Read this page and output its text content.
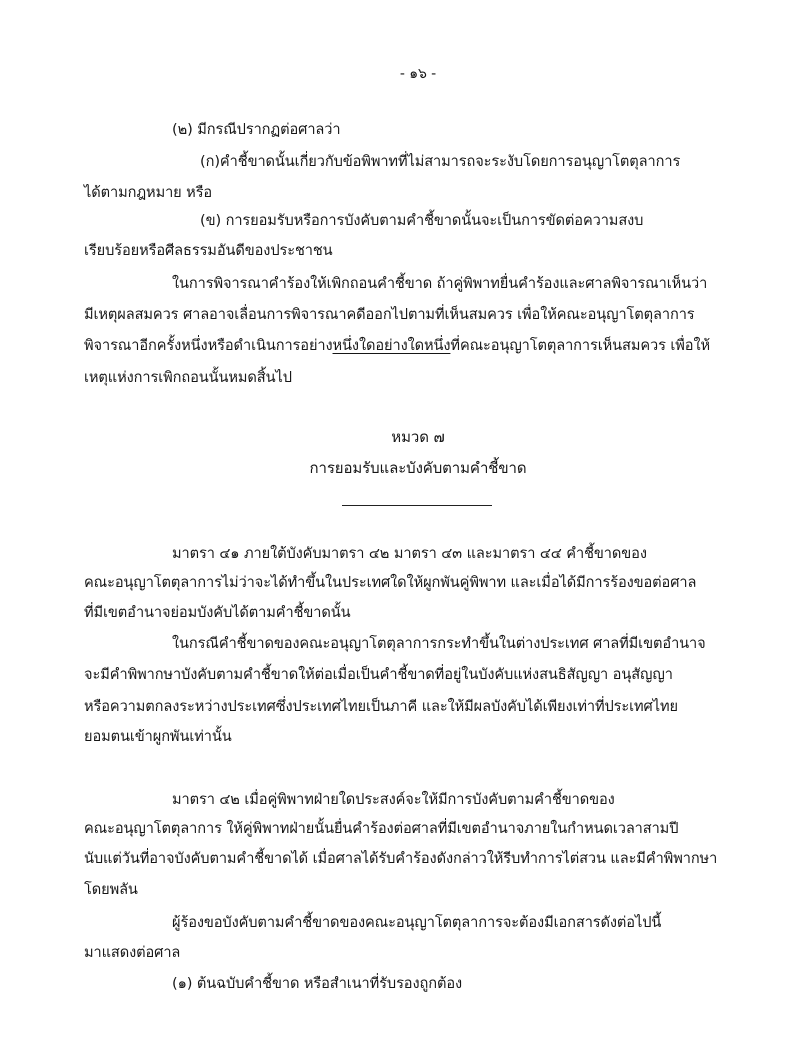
- ๑๖ -
(๒) มีกรณีปรากฏต่อศาลว่า
(ก)คำชี้ขาดนั้นเกี่ยวกับข้อพิพาทที่ไม่สามารถจะระงับโดยการอนุญาโตตุลาการ
ได้ตามกฎหมาย หรือ
(ข) การยอมรับหรือการบังคับตามคำชี้ขาดนั้นจะเป็นการขัดต่อความสงบ
เรียบร้อยหรือศีลธรรมอันดีของประชาชน
ในการพิจารณาคำร้องให้เพิกถอนคำชี้ขาด ถ้าคู่พิพาทยื่นคำร้องและศาลพิจารณาเห็นว่า
มีเหตุผลสมควร ศาลอาจเลื่อนการพิจารณาคดีออกไปตามที่เห็นสมควร เพื่อให้คณะอนุญาโตตุลาการ
พิจารณาอีกครั้งหนึ่งหรือดำเนินการอย่างหนึ่งใดอย่างใดหนึ่งที่คณะอนุญาโตตุลาการเห็นสมควร เพื่อให้
เหตุแห่งการเพิกถอนนั้นหมดสิ้นไป
หมวด ๗
การยอมรับและบังคับตามคำชี้ขาด
มาตรา ๔๑ ภายใต้บังคับมาตรา ๔๒ มาตรา ๔๓ และมาตรา ๔๔ คำชี้ขาดของ
คณะอนุญาโตตุลาการไม่ว่าจะได้ทำขึ้นในประเทศใดให้ผูกพันคู่พิพาท และเมื่อได้มีการร้องขอต่อศาล
ที่มีเขตอำนาจย่อมบังคับได้ตามคำชี้ขาดนั้น
ในกรณีคำชี้ขาดของคณะอนุญาโตตุลาการกระทำขึ้นในต่างประเทศ ศาลที่มีเขตอำนาจ
จะมีคำพิพากษาบังคับตามคำชี้ขาดให้ต่อเมื่อเป็นคำชี้ขาดที่อยู่ในบังคับแห่งสนธิสัญญา อนุสัญญา
หรือความตกลงระหว่างประเทศซึ่งประเทศไทยเป็นภาคี และให้มีผลบังคับได้เพียงเท่าที่ประเทศไทย
ยอมตนเข้าผูกพันเท่านั้น
มาตรา ๔๒ เมื่อคู่พิพาทฝ่ายใดประสงค์จะให้มีการบังคับตามคำชี้ขาดของ
คณะอนุญาโตตุลาการ ให้คู่พิพาทฝ่ายนั้นยื่นคำร้องต่อศาลที่มีเขตอำนาจภายในกำหนดเวลาสามปี
นับแต่วันที่อาจบังคับตามคำชี้ขาดได้ เมื่อศาลได้รับคำร้องดังกล่าวให้รีบทำการไต่สวน และมีคำพิพากษา
โดยพลัน
ผู้ร้องขอบังคับตามคำชี้ขาดของคณะอนุญาโตตุลาการจะต้องมีเอกสารดังต่อไปนี้
มาแสดงต่อศาล
(๑) ต้นฉบับคำชี้ขาด หรือสำเนาที่รับรองถูกต้อง
